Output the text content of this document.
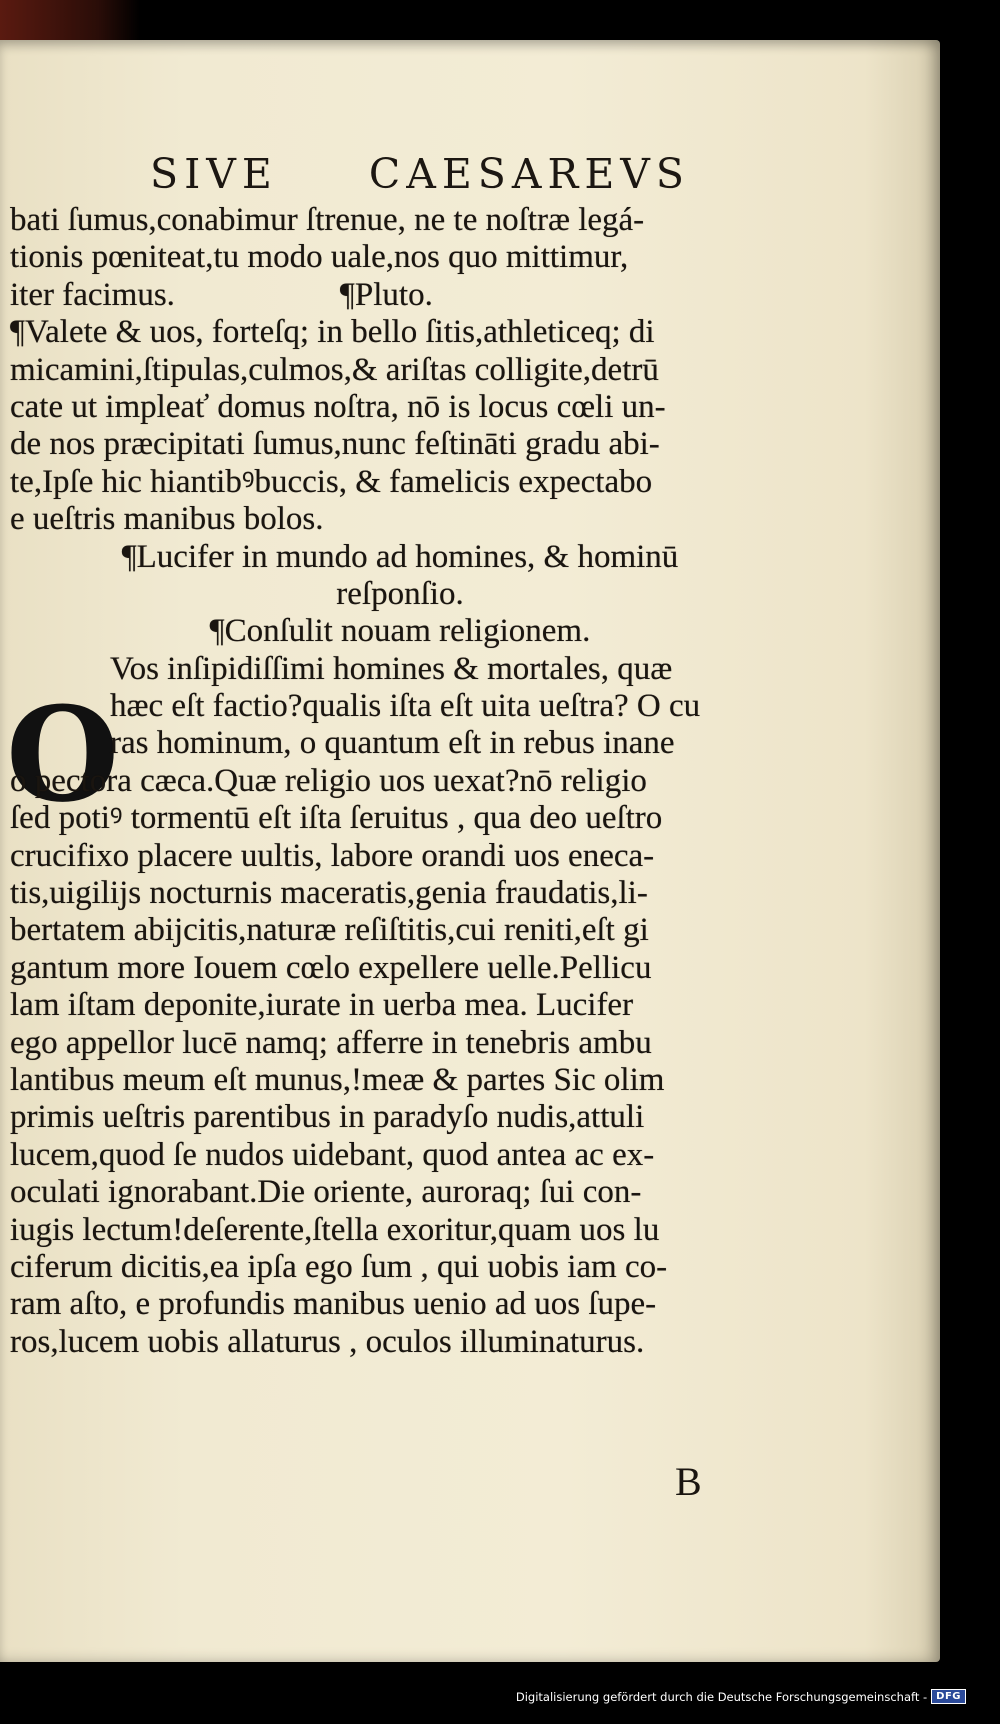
SIVE CAESAREVS
O
bati ſumus,conabimur ſtrenue, ne te noſtræ legá-
tionis pœniteat,tu modo uale,nos quo mittimur,
iter facimus.                    ¶Pluto.
¶Valete & uos, forteſq; in bello ſitis,athleticeq; di
micamini,ſtipulas,culmos,& ariſtas colligite,detrū
cate ut impleať domus noſtra, nō is locus cœli un-
de nos præcipitati ſumus,nunc feſtināti gradu abi-
te,Ipſe hic hiantibꝰbuccis, & famelicis expectabo
e ueſtris manibus bolos.
¶Lucifer in mundo ad homines, & hominū
reſponſio.
¶Conſulit nouam religionem.
Vos inſipidiſſimi homines & mortales, quæ
hæc eſt factio?qualis iſta eſt uita ueſtra? O cu
ras hominum, o quantum eſt in rebus inane
o pectora cæca.Quæ religio uos uexat?nō religio
ſed potiꝰ tormentū eſt iſta ſeruitus , qua deo ueſtro
crucifixo placere uultis, labore orandi uos eneca-
tis,uigilijs nocturnis maceratis,genia fraudatis,li-
bertatem abijcitis,naturæ reſiſtitis,cui reniti,eſt gi
gantum more Iouem cœlo expellere uelle.Pellicu
lam iſtam deponite,iurate in uerba mea. Lucifer
ego appellor lucē namq; afferre in tenebris ambu
lantibus meum eſt munus,!meæ & partes Sic olim
primis ueſtris parentibus in paradyſo nudis,attuli
lucem,quod ſe nudos uidebant, quod antea ac ex-
oculati ignorabant.Die oriente, auroraq; ſui con-
iugis lectum!deſerente,ſtella exoritur,quam uos lu
ciferum dicitis,ea ipſa ego ſum , qui uobis iam co-
ram aſto, e profundis manibus uenio ad uos ſupe-
ros,lucem uobis allaturus , oculos illuminaturus.
B
Digitalisierung gefördert durch die Deutsche Forschungsgemeinschaft - DFG
